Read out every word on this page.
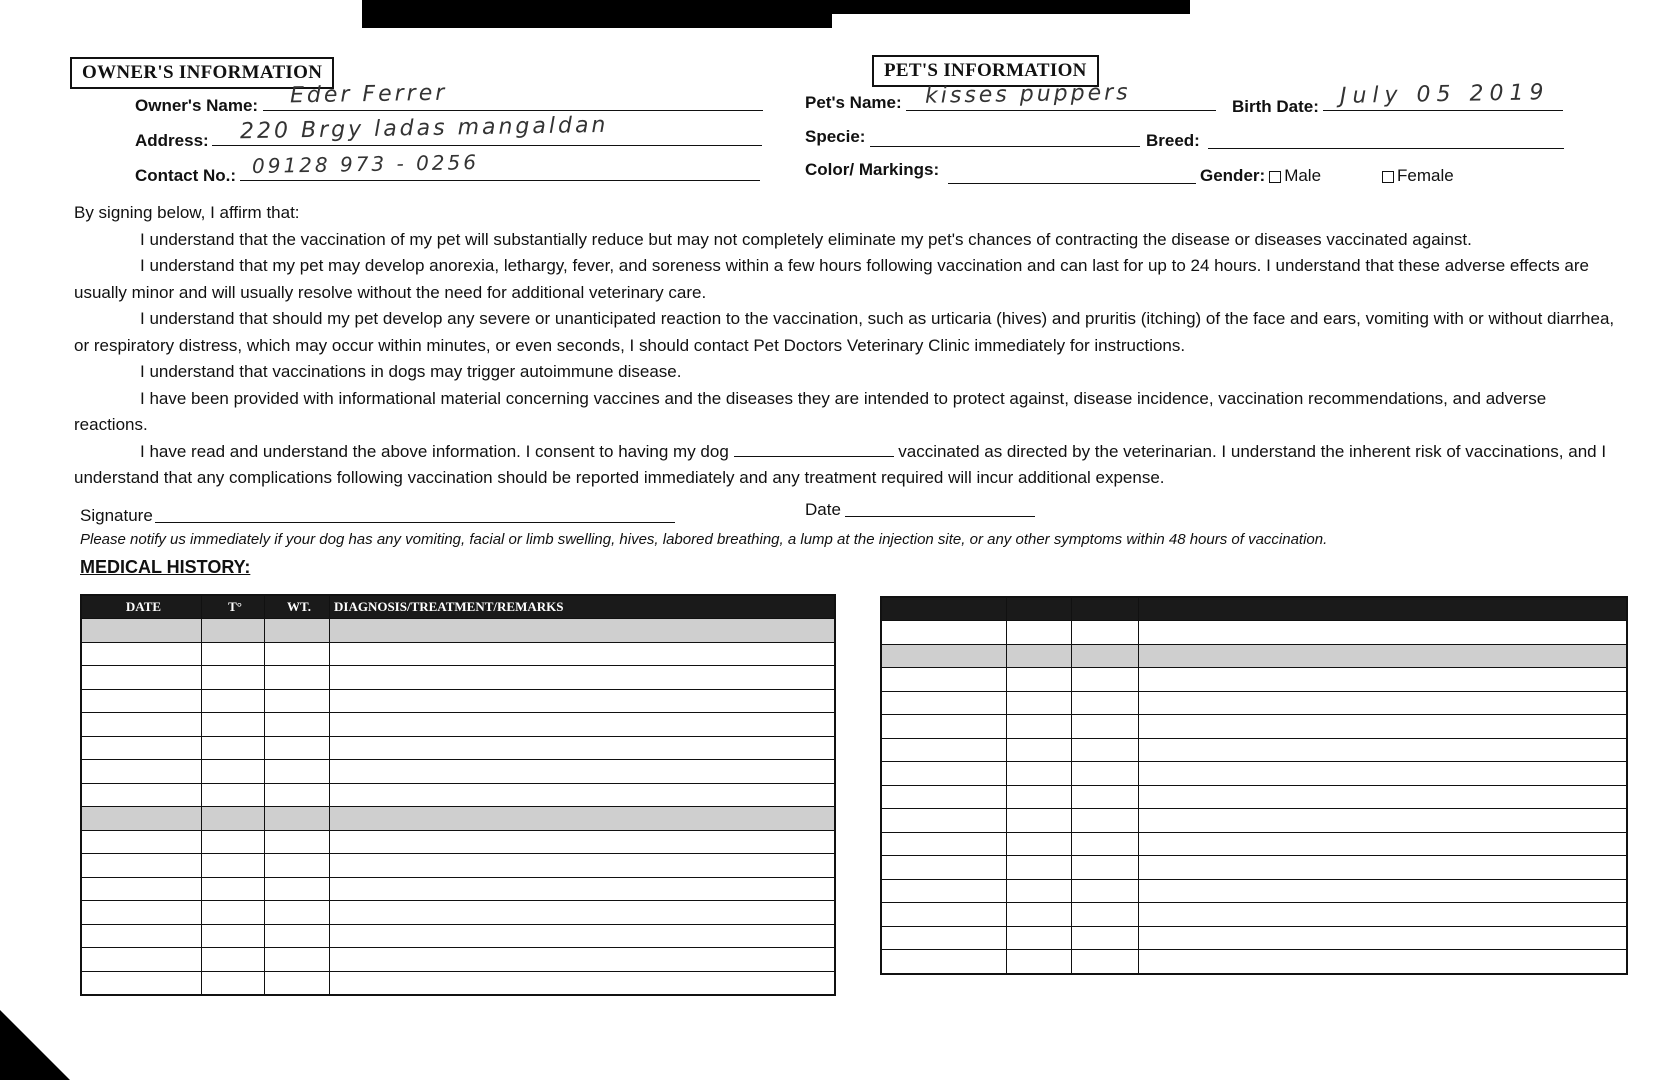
OWNER'S INFORMATION
Owner's Name: Eder Ferrer
Address: 220 Brgy ladas mangaldan
Contact No.: 09128 973 - 0256
PET'S INFORMATION
Pet's Name: kisses puppers	Birth Date: July 05 2019
Specie:	Breed:
Color/ Markings:	Gender: Male	Female

By signing below, I affirm that:

I understand that the vaccination of my pet will substantially reduce but may not completely eliminate my pet's chances of contracting the disease or diseases vaccinated against.

I understand that my pet may develop anorexia, lethargy, fever, and soreness within a few hours following vaccination and can last for up to 24 hours. I understand that these adverse effects are usually minor and will usually resolve without the need for additional veterinary care.

I understand that should my pet develop any severe or unanticipated reaction to the vaccination, such as urticaria (hives) and pruritis (itching) of the face and ears, vomiting with or without diarrhea, or respiratory distress, which may occur within minutes, or even seconds, I should contact Pet Doctors Veterinary Clinic immediately for instructions.

I understand that vaccinations in dogs may trigger autoimmune disease.

I have been provided with informational material concerning vaccines and the diseases they are intended to protect against, disease incidence, vaccination recommendations, and adverse reactions.

I have read and understand the above information. I consent to having my dog	vaccinated as directed by the veterinarian. I understand the inherent risk of vaccinations, and I understand that any complications following vaccination should be reported immediately and any treatment required will incur additional expense.

Signature	Date
Please notify us immediately if your dog has any vomiting, facial or limb swelling, hives, labored breathing, a lump at the injection site, or any other symptoms within 48 hours of vaccination.
MEDICAL HISTORY:
DATE	T°	WT.	DIAGNOSIS/TREATMENT/REMARKS
